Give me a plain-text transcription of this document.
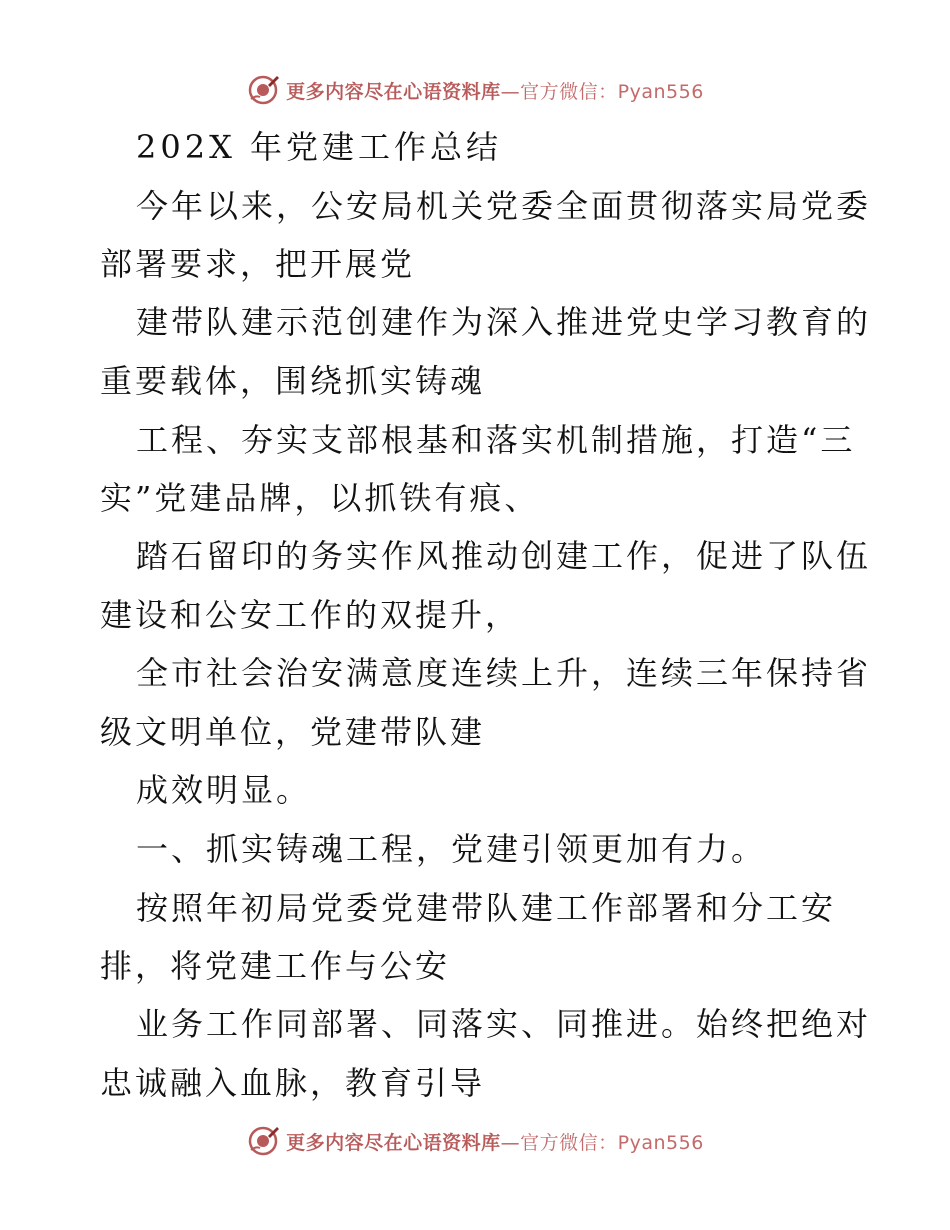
更多内容尽在心语资料库—官方微信：Pyan556
202X 年党建工作总结
今年以来，公安局机关党委全面贯彻落实局党委
部署要求，把开展党
建带队建示范创建作为深入推进党史学习教育的
重要载体，围绕抓实铸魂
工程、夯实支部根基和落实机制措施，打造“三
实”党建品牌，以抓铁有痕、
踏石留印的务实作风推动创建工作，促进了队伍
建设和公安工作的双提升，
全市社会治安满意度连续上升，连续三年保持省
级文明单位，党建带队建
成效明显。
一、抓实铸魂工程，党建引领更加有力。
按照年初局党委党建带队建工作部署和分工安
排，将党建工作与公安
业务工作同部署、同落实、同推进。始终把绝对
忠诚融入血脉，教育引导
更多内容尽在心语资料库—官方微信：Pyan556
